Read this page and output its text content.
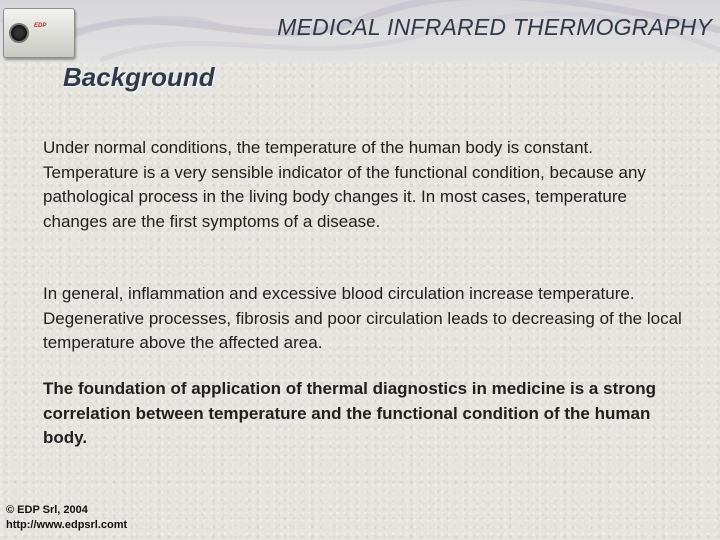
EDP	MEDICAL INFRARED THERMOGRAPHY
Background

Under normal conditions, the temperature of the human body is constant. Temperature is a very sensible indicator of the functional condition, because any pathological process in the living body changes it. In most cases, temperature changes are the first symptoms of a disease.

In general, inflammation and excessive blood circulation increase temperature. Degenerative processes, fibrosis and poor circulation leads to decreasing of the local temperature above the affected area.

The foundation of application of thermal diagnostics in medicine is a strong correlation between temperature and the functional condition of the human body.

© EDP Srl, 2004
http://www.edpsrl.comt
